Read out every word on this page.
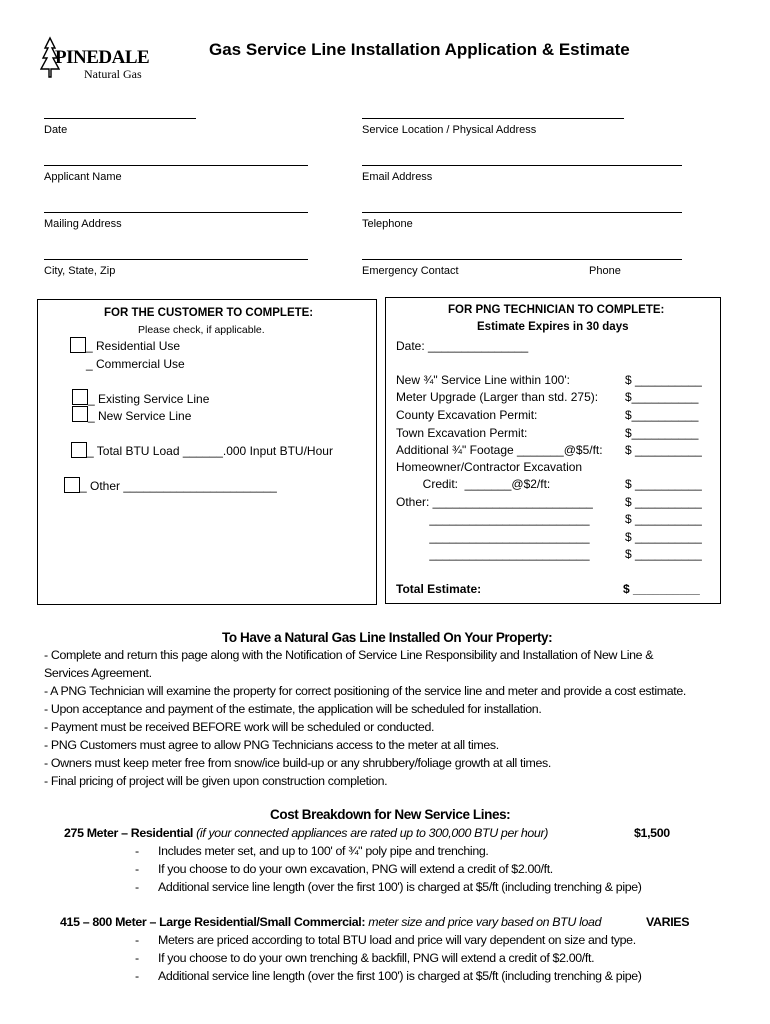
PINEDALE
Natural Gas
Gas Service Line Installation Application & Estimate
Date	Service Location / Physical Address
Applicant Name	Email Address
Mailing Address	Telephone
City, State, Zip	Emergency Contact	Phone
FOR THE CUSTOMER TO COMPLETE:
Please check, if applicable.
_ Residential Use
_ Commercial Use
_ Existing Service Line
_ New Service Line
_ Total BTU Load ______.000 Input BTU/Hour
_ Other _______________________
FOR PNG TECHNICIAN TO COMPLETE:
Estimate Expires in 30 days
Date: _______________
New ¾" Service Line within 100':	$ __________
Meter Upgrade (Larger than std. 275): $__________
County Excavation Permit:	$__________
Town Excavation Permit:	$__________
Additional ¾" Footage _______@$5/ft: $ __________
Homeowner/Contractor Excavation
Credit:  _______@$2/ft:	$ __________
Other: ________________________	$ __________
________________________	$ __________
________________________	$ __________
________________________	$ __________
Total Estimate:	$ __________
To Have a Natural Gas Line Installed On Your Property:
- Complete and return this page along with the Notification of Service Line Responsibility and Installation of New Line &
Services Agreement.
- A PNG Technician will examine the property for correct positioning of the service line and meter and provide a cost estimate.
- Upon acceptance and payment of the estimate, the application will be scheduled for installation.
- Payment must be received BEFORE work will be scheduled or conducted.
- PNG Customers must agree to allow PNG Technicians access to the meter at all times.
- Owners must keep meter free from snow/ice build-up or any shrubbery/foliage growth at all times.
- Final pricing of project will be given upon construction completion.
Cost Breakdown for New Service Lines:
275 Meter – Residential (if your connected appliances are rated up to 300,000 BTU per hour)	$1,500
- Includes meter set, and up to 100' of ¾" poly pipe and trenching.
- If you choose to do your own excavation, PNG will extend a credit of $2.00/ft.
- Additional service line length (over the first 100') is charged at $5/ft (including trenching & pipe)
415 – 800 Meter – Large Residential/Small Commercial: meter size and price vary based on BTU load	VARIES
- Meters are priced according to total BTU load and price will vary dependent on size and type.
- If you choose to do your own trenching & backfill, PNG will extend a credit of $2.00/ft.
- Additional service line length (over the first 100') is charged at $5/ft (including trenching & pipe)
